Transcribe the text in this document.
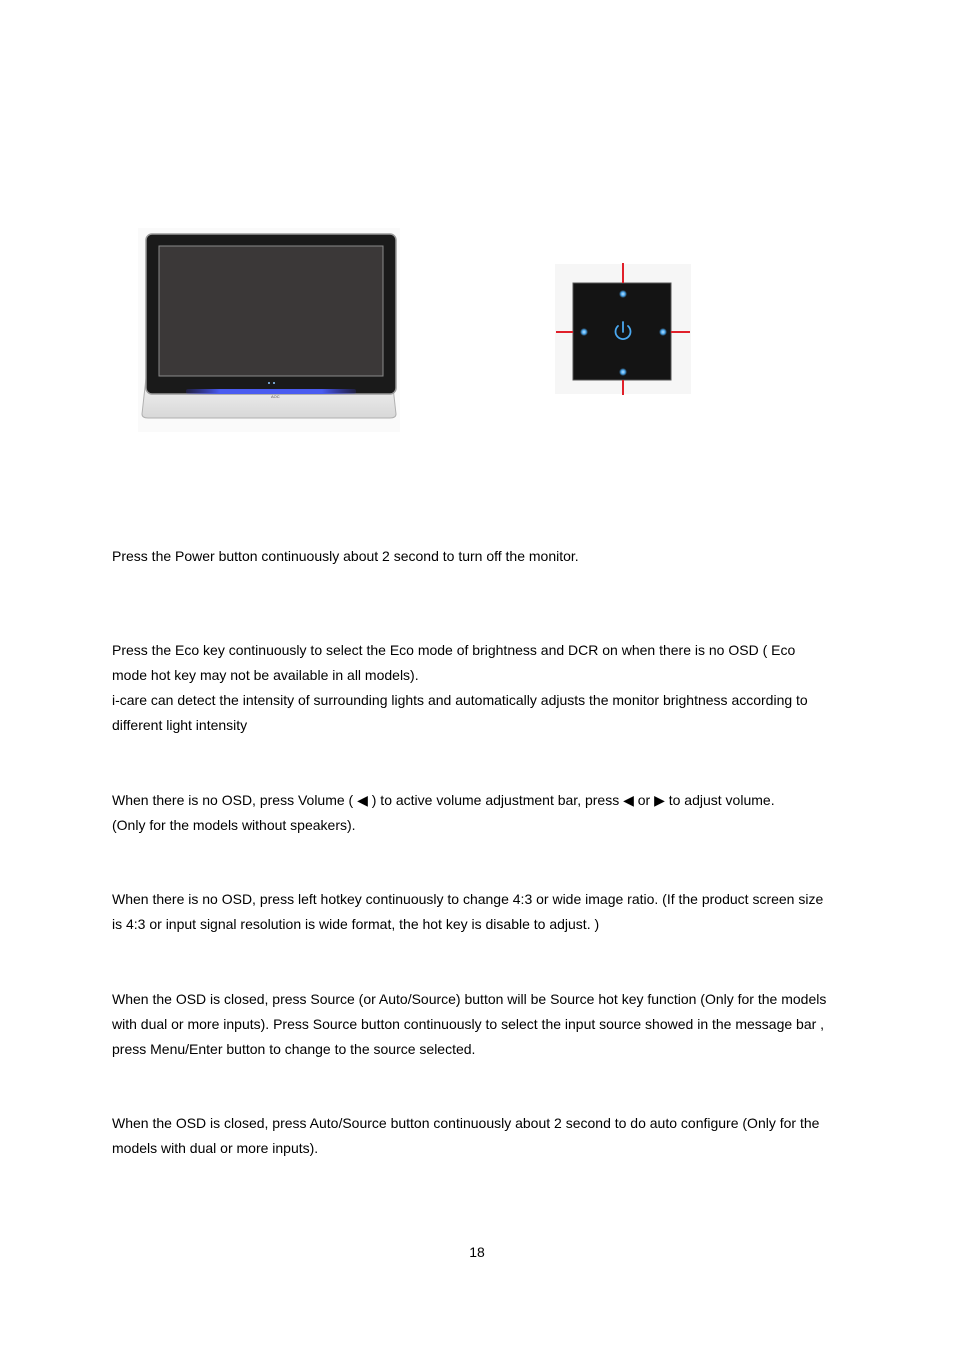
AOC

Press the Power button continuously about 2 second to turn off the monitor.

Press the Eco key continuously to select the Eco mode of brightness and DCR on when there is no OSD ( Eco
mode hot key may not be available in all models).
i-care can detect the intensity of surrounding lights and automatically adjusts the monitor brightness according to
different light intensity

When there is no OSD, press Volume ( ◀ ) to active volume adjustment bar, press ◀ or ▶ to adjust volume.
(Only for the models without speakers).

When there is no OSD, press left hotkey continuously to change 4:3 or wide image ratio. (If the product screen size
is 4:3 or input signal resolution is wide format, the hot key is disable to adjust. )

When the OSD is closed, press Source (or Auto/Source) button will be Source hot key function (Only for the models
with dual or more inputs). Press Source button continuously to select the input source showed in the message bar ,
press Menu/Enter button to change to the source selected.

When the OSD is closed, press Auto/Source button continuously about 2 second to do auto configure (Only for the
models with dual or more inputs).

18
